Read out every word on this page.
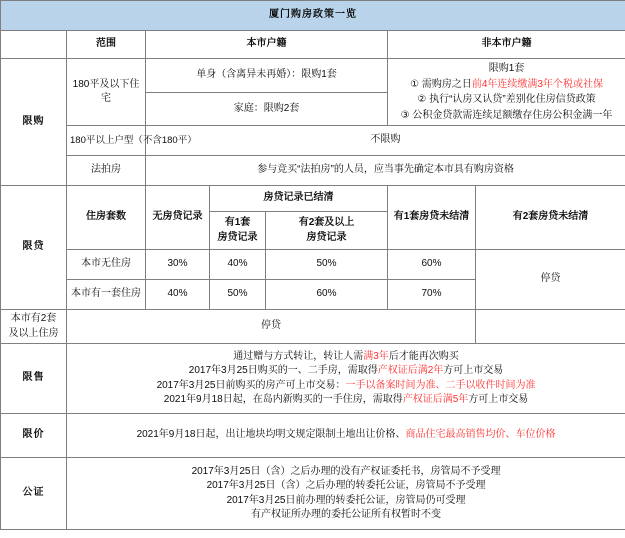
厦门购房政策一览						
	范围	本市户籍			非本市户籍	
限购	180平及以下住宅	单身（含离异未再婚）：限购1套			限购1套
① 需购房之日前4年连续缴满3年个税或社保
② 执行“认房又认贷”差别化住房信贷政策
③ 公积金贷款需连续足额缴存住房公积金满一年	

		家庭：限购2套				
	180平以上户型（不含180平）	不限购				
	法拍房	参与竞买“法拍房”的人员，应当事先确定本市具有购房资格				
限贷	住房套数	无房贷记录	房贷记录已结清		有1套房贷未结清	有2套房贷未结清

			有1套
房贷记录	有2套及以上
房贷记录		

	本市无住房	30%	40%	50%	60%	停贷
	本市有一套住房	40%	50%	60%	70%	

本市有2套
及以上住房	停贷					
限售	通过赠与方式转让，转让人需满3年后才能再次购买
2017年3月25日购买的一、二手房，需取得产权证后满2年方可上市交易
2017年3月25日前购买的房产可上市交易：一手以备案时间为准、二手以收件时间为准
2021年9月18日起，在岛内新购买的一手住房，需取得产权证后满5年方可上市交易					

限价	2021年9月18日起，出让地块均明文规定限制土地出让价格、商品住宅最高销售均价、车位价格					

公证	2017年3月25日（含）之后办理的没有产权证委托书，房管局不予受理
2017年3月25日（含）之后办理的转委托公证，房管局不予受理
2017年3月25日前办理的转委托公证，房管局仍可受理
有产权证所办理的委托公证所有权暂时不变					
